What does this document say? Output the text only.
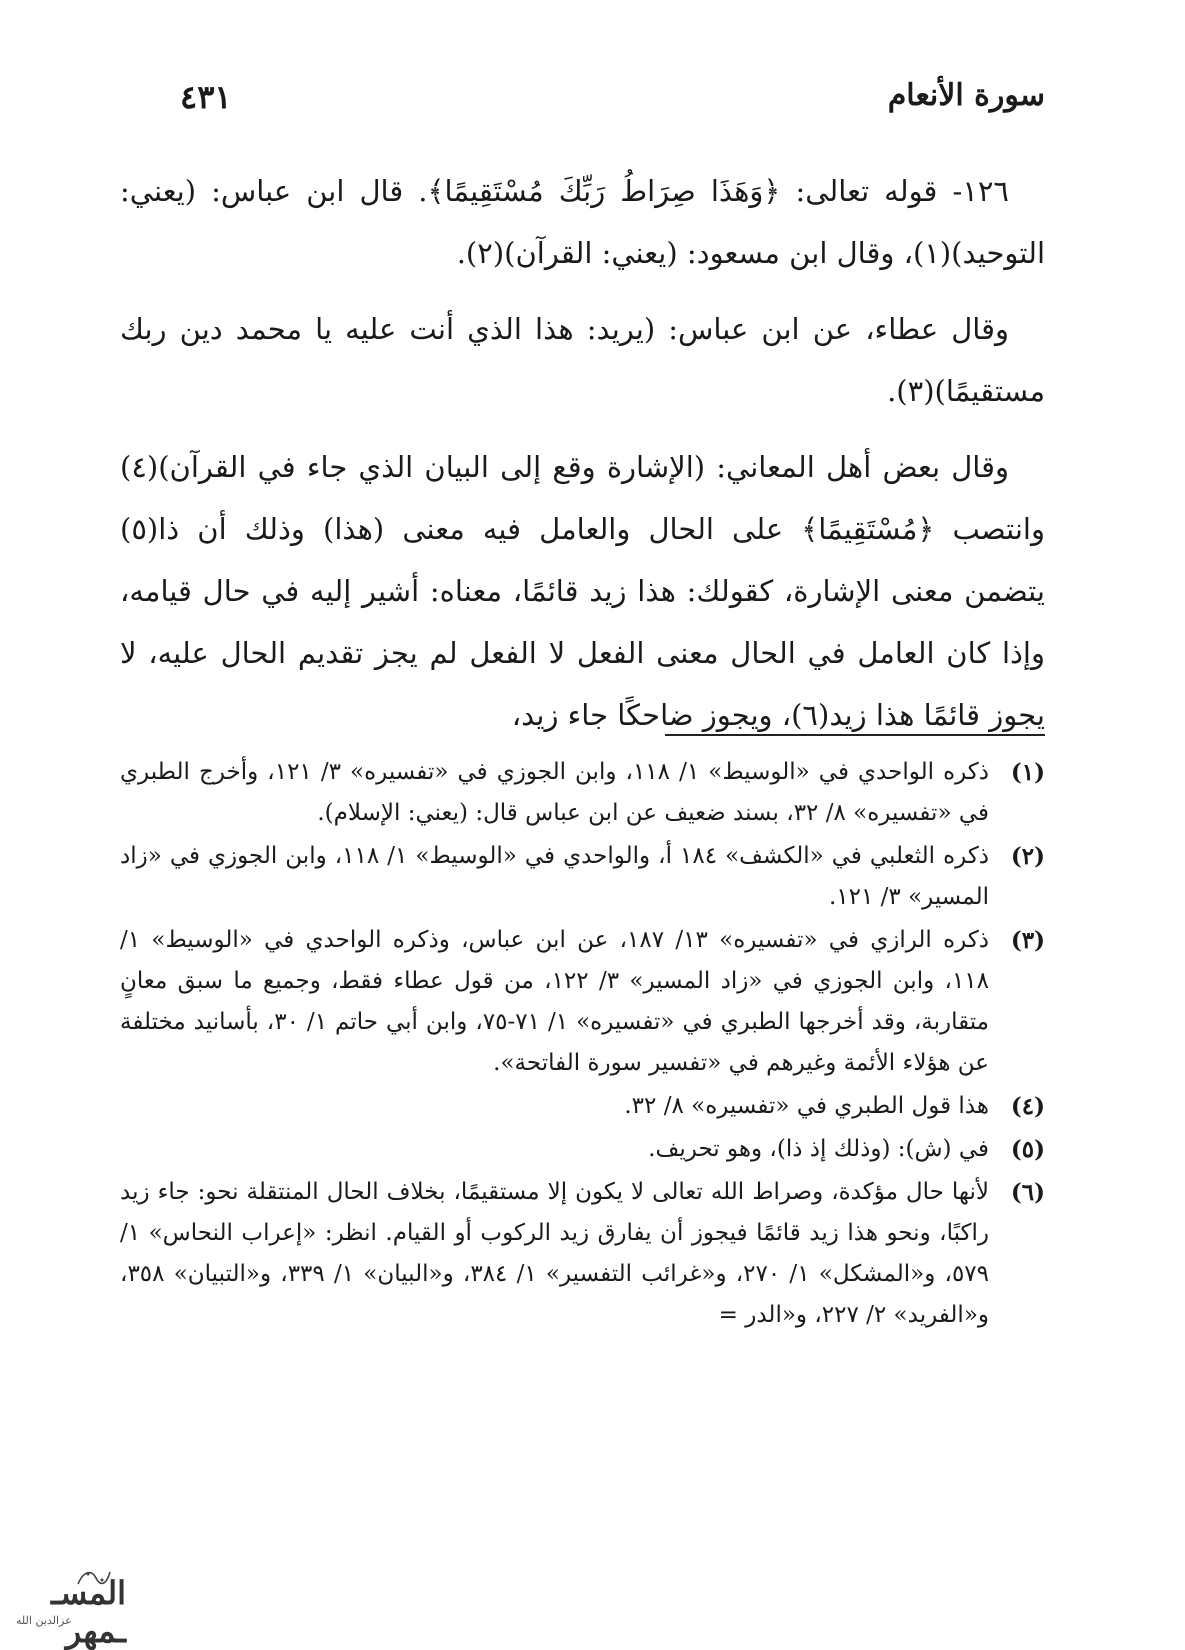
سورة الأنعام
٤٣١

١٢٦- قوله تعالى: ﴿وَهَذَا صِرَاطُ رَبِّكَ مُسْتَقِيمًا﴾. قال ابن عباس: (يعني: التوحيد)(١)، وقال ابن مسعود: (يعني: القرآن)(٢).

وقال عطاء، عن ابن عباس: (يريد: هذا الذي أنت عليه يا محمد دين ربك مستقيمًا)(٣).

وقال بعض أهل المعاني: (الإشارة وقع إلى البيان الذي جاء في القرآن)(٤) وانتصب ﴿مُسْتَقِيمًا﴾ على الحال والعامل فيه معنى (هذا) وذلك أن ذا(٥) يتضمن معنى الإشارة، كقولك: هذا زيد قائمًا، معناه: أشير إليه في حال قيامه، وإذا كان العامل في الحال معنى الفعل لا الفعل لم يجز تقديم الحال عليه، لا يجوز قائمًا هذا زيد(٦)، ويجوز ضاحكًا جاء زيد،

(١)
ذكره الواحدي في «الوسيط» ١/ ١١٨، وابن الجوزي في «تفسيره» ٣/ ١٢١، وأخرج الطبري في «تفسيره» ٨/ ٣٢، بسند ضعيف عن ابن عباس قال: (يعني: الإسلام).
(٢)
ذكره الثعلبي في «الكشف» ١٨٤ أ، والواحدي في «الوسيط» ١/ ١١٨، وابن الجوزي في «زاد المسير» ٣/ ١٢١.
(٣)
ذكره الرازي في «تفسيره» ١٣/ ١٨٧، عن ابن عباس، وذكره الواحدي في «الوسيط» ١/ ١١٨، وابن الجوزي في «زاد المسير» ٣/ ١٢٢، من قول عطاء فقط، وجميع ما سبق معانٍ متقاربة، وقد أخرجها الطبري في «تفسيره» ١/ ٧١-٧٥، وابن أبي حاتم ١/ ٣٠، بأسانيد مختلفة عن هؤلاء الأئمة وغيرهم في «تفسير سورة الفاتحة».
(٤)
هذا قول الطبري في «تفسيره» ٨/ ٣٢.
(٥)
في (ش): (وذلك إذ ذا)، وهو تحريف.
(٦)
لأنها حال مؤكدة، وصراط الله تعالى لا يكون إلا مستقيمًا، بخلاف الحال المنتقلة نحو: جاء زيد راكبًا، ونحو هذا زيد قائمًا فيجوز أن يفارق زيد الركوب أو القيام. انظر: «إعراب النحاس» ١/ ٥٧٩، و«المشكل» ١/ ٢٧٠، و«غرائب التفسير» ١/ ٣٨٤، و«البيان» ١/ ٣٣٩، و«التبيان» ٣٥٨، و«الفريد» ٢/ ٢٢٧، و«الدر =
المسـ ـمهر
عزالدين الله
